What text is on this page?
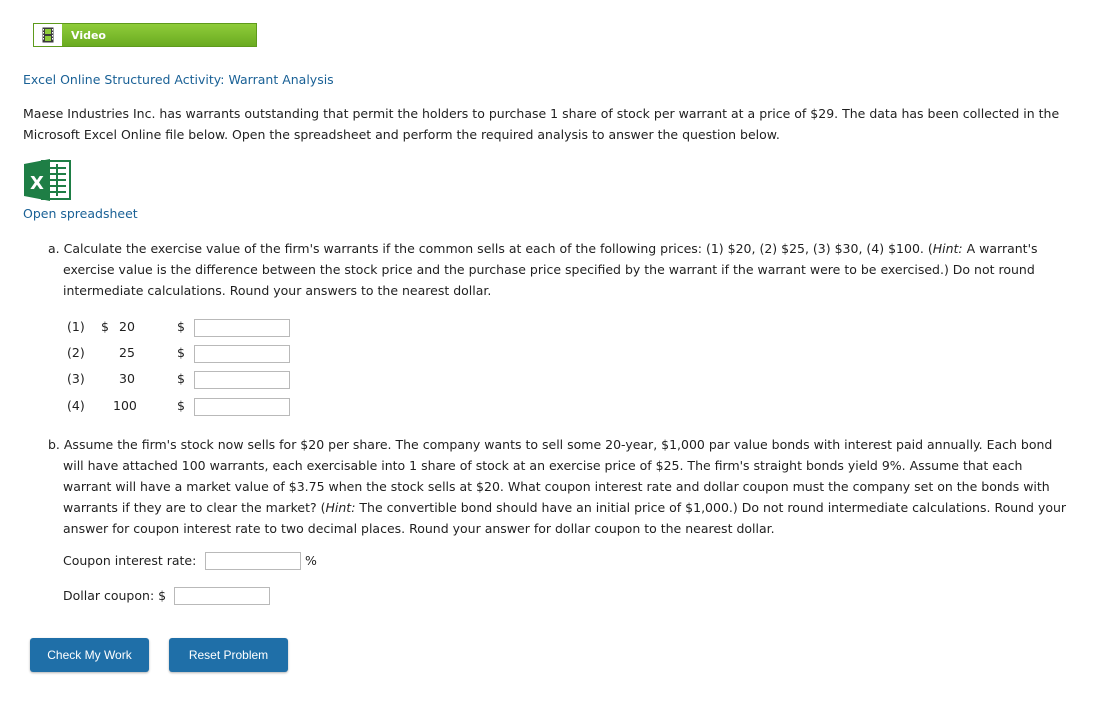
Video
Excel Online Structured Activity: Warrant Analysis

Maese Industries Inc. has warrants outstanding that permit the holders to purchase 1 share of stock per warrant at a price of $29. The data has been collected in the Microsoft Excel Online file below. Open the spreadsheet and perform the required analysis to answer the question below.

X
Open spreadsheet
a. Calculate the exercise value of the firm's warrants if the common sells at each of the following prices: (1) $20, (2) $25, (3) $30, (4) $100. (Hint: A warrant's exercise value is the difference between the stock price and the purchase price specified by the warrant if the warrant were to be exercised.) Do not round intermediate calculations. Round your answers to the nearest dollar.
(1) $ 20	$
(2)	25	$
(3)	30	$
(4) 100	$
b. Assume the firm's stock now sells for $20 per share. The company wants to sell some 20-year, $1,000 par value bonds with interest paid annually. Each bond will have attached 100 warrants, each exercisable into 1 share of stock at an exercise price of $25. The firm's straight bonds yield 9%. Assume that each warrant will have a market value of $3.75 when the stock sells at $20. What coupon interest rate and dollar coupon must the company set on the bonds with warrants if they are to clear the market? (Hint: The convertible bond should have an initial price of $1,000.) Do not round intermediate calculations. Round your answer for coupon interest rate to two decimal places. Round your answer for dollar coupon to the nearest dollar.
Coupon interest rate:	%
Dollar coupon: $
Check My Work	Reset Problem
